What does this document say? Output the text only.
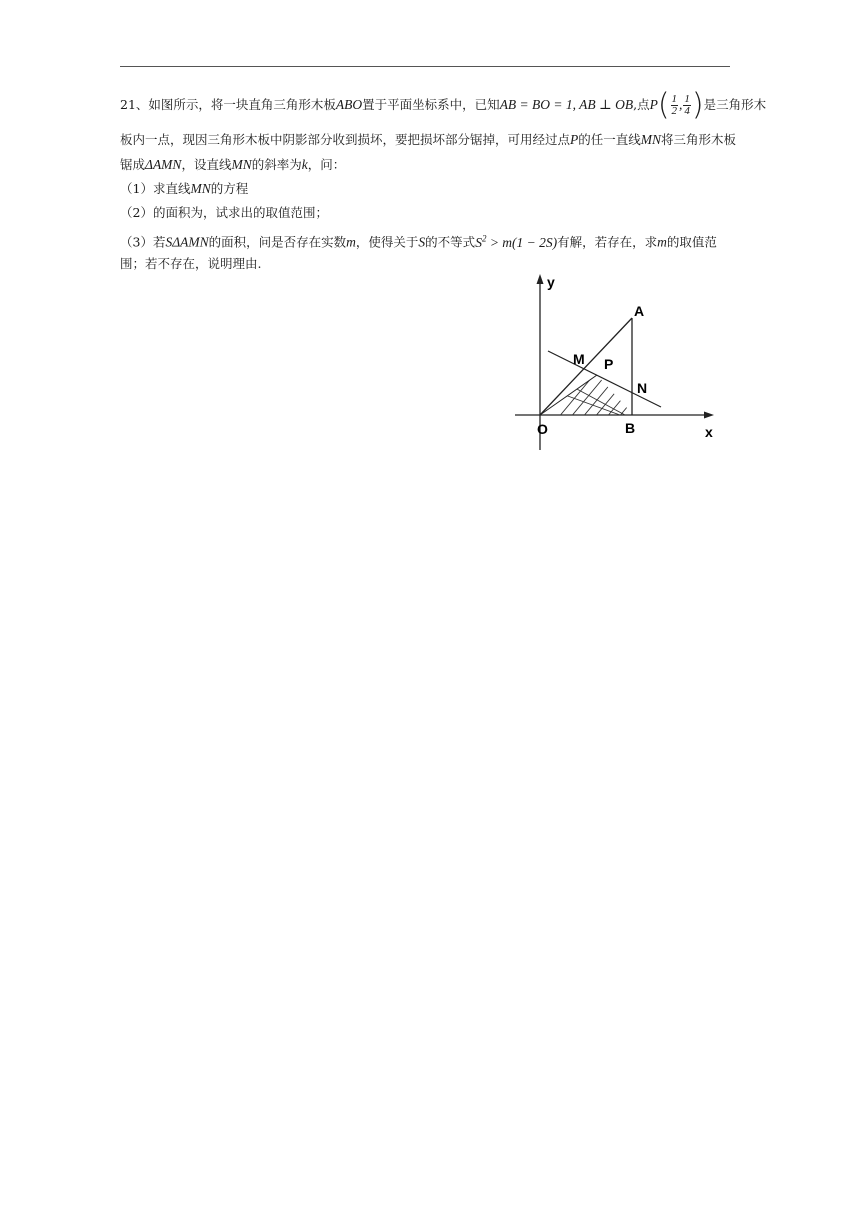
21、如图所示，将一块直角三角形木板ABO置于平面坐标系中，已知AB = BO = 1, AB ⊥ OB,点$P( \frac{1}{2}$ , $\frac{1}{4}$ )是三角形木
板内一点，现因三角形木板中阴影部分收到损坏，要把损坏部分锯掉，可用经过点P的任一直线MN将三角形木板
锯成ΔAMN，设直线MN的斜率为k，问：
（1）求直线MN的方程
（2）的面积为，试求出的取值范围；
（3）若SΔAMN的面积，问是否存在实数m，使得关于S的不等式$S^2 > m(1 - 2S)$有解，若存在，求m的取值范
围；若不存在，说明理由.
y
x
O
A
B
M
N
P
